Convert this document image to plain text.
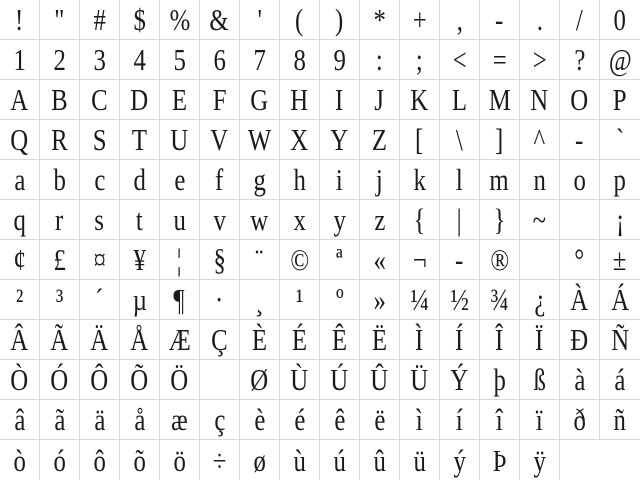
! " # $ % & ' ( ) * + , - . / 0
1 2 3 4 5 6 7 8 9 : ; < = > ? @
A B C D E F G H I J K L M N O P
Q R S T U V W X Y Z [ \ ] ^ - `
a b c d e f g h i j k l m n o p
q r s t u v w x y z { | } ~ ¡
¢ £ ¤ ¥ ¦ § ¨ © ª « ¬ - ® ° ±
² ³ ´ µ ¶ · ¸ ¹ º » ¼ ½ ¾ ¿ À Á
Â Ã Ä Å Æ Ç È É Ê Ë Ì Í Î Ï Ð Ñ
Ò Ó Ô Õ Ö Ø Ù Ú Û Ü Ý þ ß à á
â ã ä å æ ç è é ê ë ì í î ï ð ñ
ò ó ô õ ö ÷ ø ù ú û ü ý Þ ÿ
